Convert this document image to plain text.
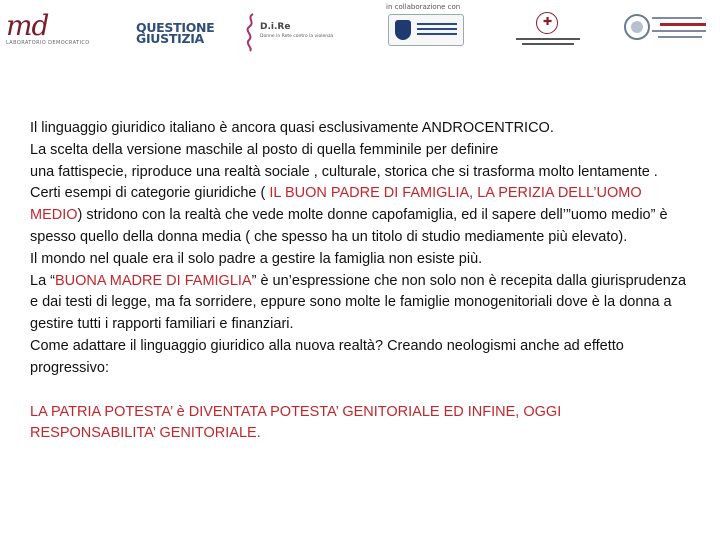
md
LABORATORIO DEMOCRATICO
QUESTIONE
GIUSTIZIA
D.i.Re
Donne in Rete contro la violenza
in collaborazione con
✚

Il linguaggio giuridico italiano è ancora quasi esclusivamente ANDROCENTRICO.

La scelta della versione maschile al posto di quella femminile per definire

una fattispecie, riproduce una realtà sociale , culturale, storica che si trasforma molto lentamente .

Certi esempi di categorie giuridiche ( IL BUON PADRE DI FAMIGLIA, LA PERIZIA DELL’UOMO MEDIO) stridono con la realtà che vede molte donne capofamiglia, ed il sapere dell’”uomo medio” è spesso quello della donna media ( che spesso ha un titolo di studio mediamente più elevato).

Il mondo nel quale era il solo padre a gestire la famiglia non esiste più.

La “BUONA MADRE DI FAMIGLIA” è un’espressione che non solo non è recepita dalla giurisprudenza e dai testi di legge, ma fa sorridere, eppure sono molte le famiglie monogenitoriali dove è la donna a gestire tutti i rapporti familiari e finanziari.

Come adattare il linguaggio giuridico alla nuova realtà? Creando neologismi anche ad effetto progressivo:

LA PATRIA POTESTA’ è DIVENTATA POTESTA’ GENITORIALE ED INFINE, OGGI RESPONSABILITA’ GENITORIALE.
